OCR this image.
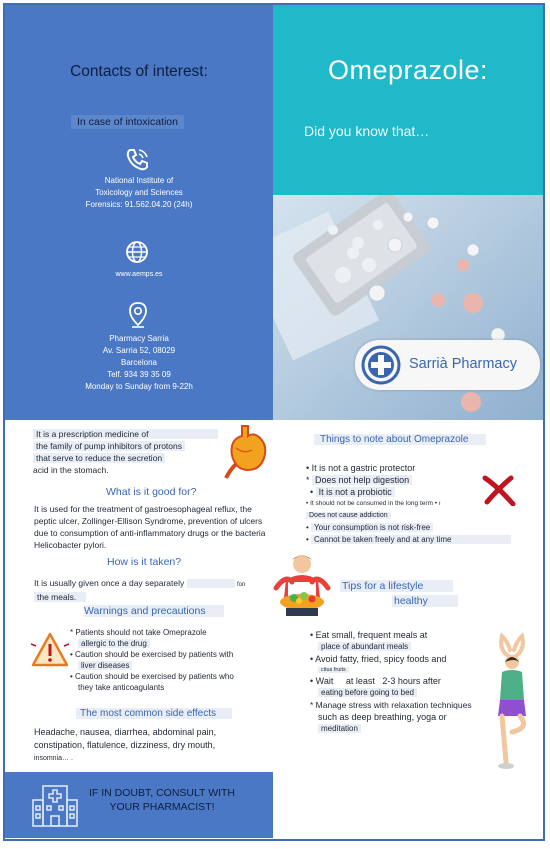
Contacts of interest:
In case of intoxication
National Institute of
Toxicology and Sciences
Forensics: 91.562.04.20 (24h)
www.aemps.es
Pharmacy Sarria
Av. Sarria 52, 08029
Barcelona
Telf. 934 39 35 09
Monday to Sunday from 9-22h
Omeprazole:
Did you know that…
Sarrià Pharmacy
It is a prescription medicine of
the family of pump inhibitors of protons
that serve to reduce the secretion
acid in the stomach.
What is it good for?
It is used for the treatment of gastroesophageal reflux, the
peptic ulcer, Zollinger-Ellison Syndrome, prevention of ulcers
due to consumption of anti-inflammatory drugs or the bacteria
Helicobacter pylori.
How is it taken?
It is usually given once a day separately	fon
the meals.
Warnings and precautions
* Patients should not take Omeprazole
allergic to the drug
• Caution should be exercised by patients with
liver diseases
• Caution should be exercised by patients who
they take anticoagulants
The most common side effects
Headache, nausea, diarrhea, abdominal pain,
constipation, flatulence, dizziness, dry mouth,
insomnia… .
IF IN DOUBT, CONSULT WITH
YOUR PHARMACIST!
Things to note about Omeprazole
• It is not a gastric protector
* Does not help digestion
• It is not a probiotic
• It should not be consumed in the long term • ı
Does not cause addiction
• Your consumption is not risk-free
• Cannot be taken freely and at any time
Tips for a lifestyle
healthy
• Eat small, frequent meals at
place of abundant meals
• Avoid fatty, fried, spicy foods and
citus fruits
• Wait at least 2-3 hours after
eating before going to bed
* Manage stress with relaxation techniques
such as deep breathing, yoga or
meditation
